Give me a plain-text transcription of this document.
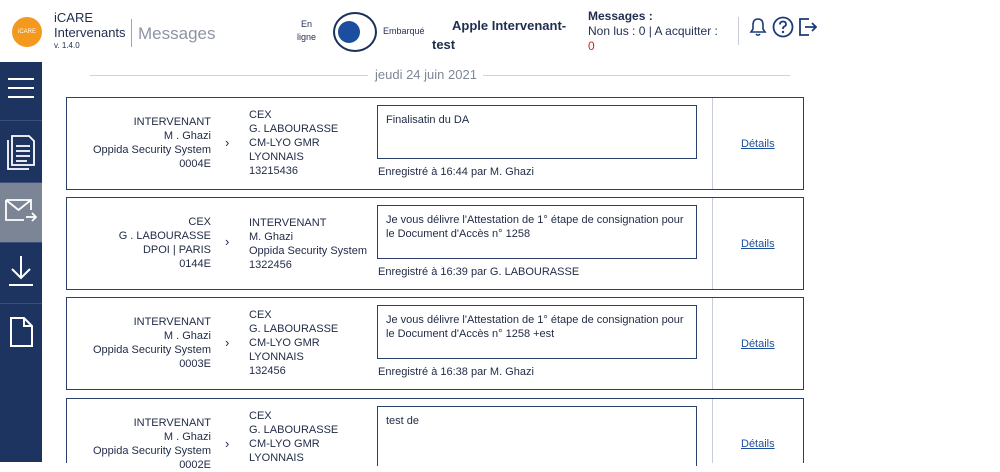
iCARE
iCARE
Intervenants
v. 1.4.0
Messages	En
ligne
Embarqué	Apple Intervenant-
test
Messages :
Non lus : 0 | A acquitter :
0
jeudi 24 juin 2021
INTERVENANT
M . Ghazi
Oppida Security System
0004E
›
CEX
G. LABOURASSE
CM-LYO GMR
LYONNAIS
13215436
Finalisatin du DA
Enregistré à 16:44 par M. Ghazi
Détails
CEX
G . LABOURASSE
DPOI | PARIS
0144E
›
INTERVENANT
M. Ghazi
Oppida Security System
1322456
Je vous délivre l'Attestation de 1° étape de consignation pour le Document d'Accès n° 1258
Enregistré à 16:39 par G. LABOURASSE
Détails
INTERVENANT
M . Ghazi
Oppida Security System
0003E
›
CEX
G. LABOURASSE
CM-LYO GMR
LYONNAIS
132456
Je vous délivre l'Attestation de 1° étape de consignation pour le Document d'Accès n° 1258 +est
Enregistré à 16:38 par M. Ghazi
Détails
INTERVENANT
M . Ghazi
Oppida Security System
0002E
›
CEX
G. LABOURASSE
CM-LYO GMR
LYONNAIS
test de
Détails
